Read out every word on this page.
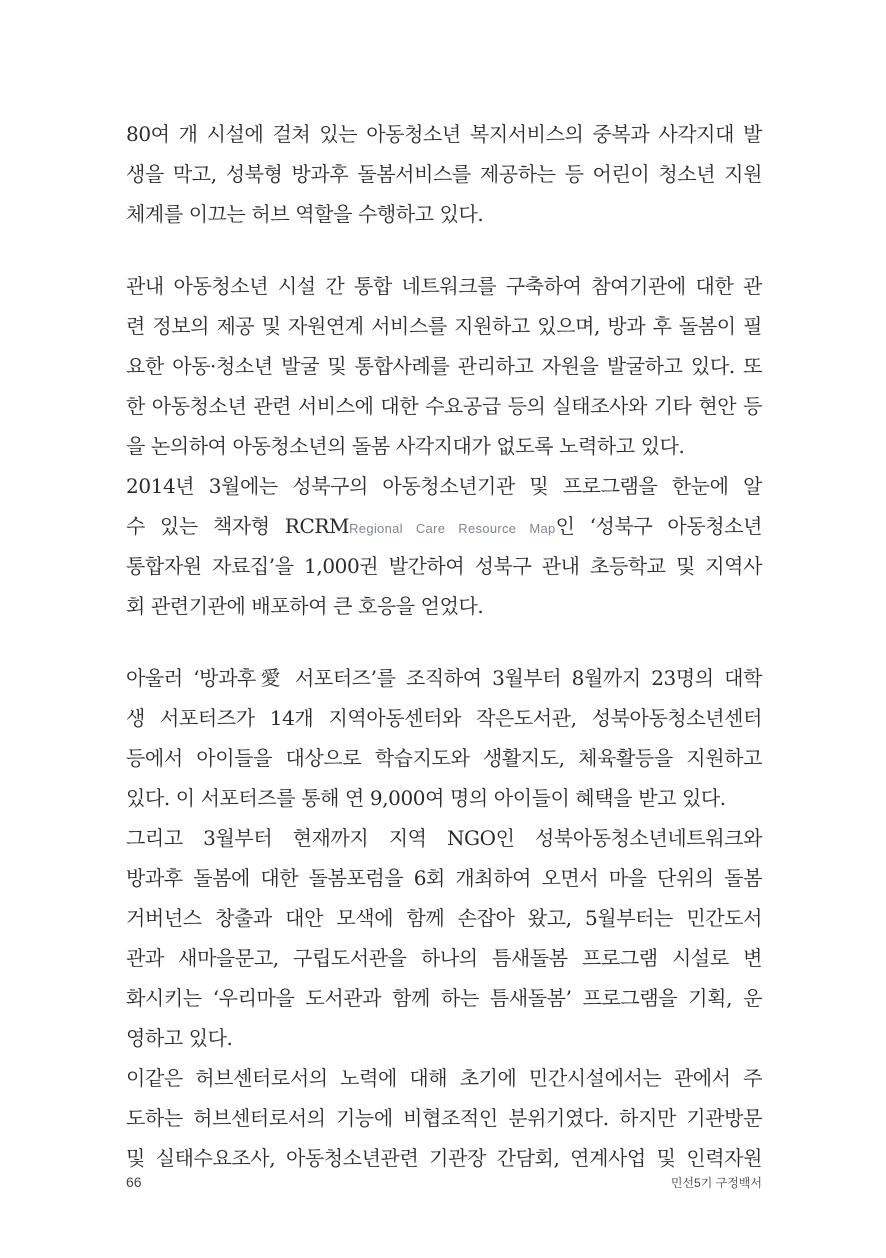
80여 개 시설에 걸쳐 있는 아동청소년 복지서비스의 중복과 사각지대 발
생을 막고, 성북형 방과후 돌봄서비스를 제공하는 등 어린이 청소년 지원
체계를 이끄는 허브 역할을 수행하고 있다.

관내 아동청소년 시설 간 통합 네트워크를 구축하여 참여기관에 대한 관
련 정보의 제공 및 자원연계 서비스를 지원하고 있으며, 방과 후 돌봄이 필
요한 아동·청소년 발굴 및 통합사례를 관리하고 자원을 발굴하고 있다. 또
한 아동청소년 관련 서비스에 대한 수요공급 등의 실태조사와 기타 현안 등
을 논의하여 아동청소년의 돌봄 사각지대가 없도록 노력하고 있다.

2014년 3월에는 성북구의 아동청소년기관 및 프로그램을 한눈에 알
수 있는 책자형 RCRMRegional Care Resource Map인 ‘성북구 아동청소년
통합자원 자료집’을 1,000권 발간하여 성북구 관내 초등학교 및 지역사
회 관련기관에 배포하여 큰 호응을 얻었다.

아울러 ‘방과후愛 서포터즈’를 조직하여 3월부터 8월까지 23명의 대학
생 서포터즈가 14개 지역아동센터와 작은도서관, 성북아동청소년센터
등에서 아이들을 대상으로 학습지도와 생활지도, 체육활등을 지원하고
있다. 이 서포터즈를 통해 연 9,000여 명의 아이들이 혜택을 받고 있다.

그리고 3월부터 현재까지 지역 NGO인 성북아동청소년네트워크와
방과후 돌봄에 대한 돌봄포럼을 6회 개최하여 오면서 마을 단위의 돌봄
거버넌스 창출과 대안 모색에 함께 손잡아 왔고, 5월부터는 민간도서
관과 새마을문고, 구립도서관을 하나의 틈새돌봄 프로그램 시설로 변
화시키는 ‘우리마을 도서관과 함께 하는 틈새돌봄’ 프로그램을 기획, 운
영하고 있다.

이같은 허브센터로서의 노력에 대해 초기에 민간시설에서는 관에서 주
도하는 허브센터로서의 기능에 비협조적인 분위기였다. 하지만 기관방문
및 실태수요조사, 아동청소년관련 기관장 간담회, 연계사업 및 인력자원

66	민선5기 구정백서
